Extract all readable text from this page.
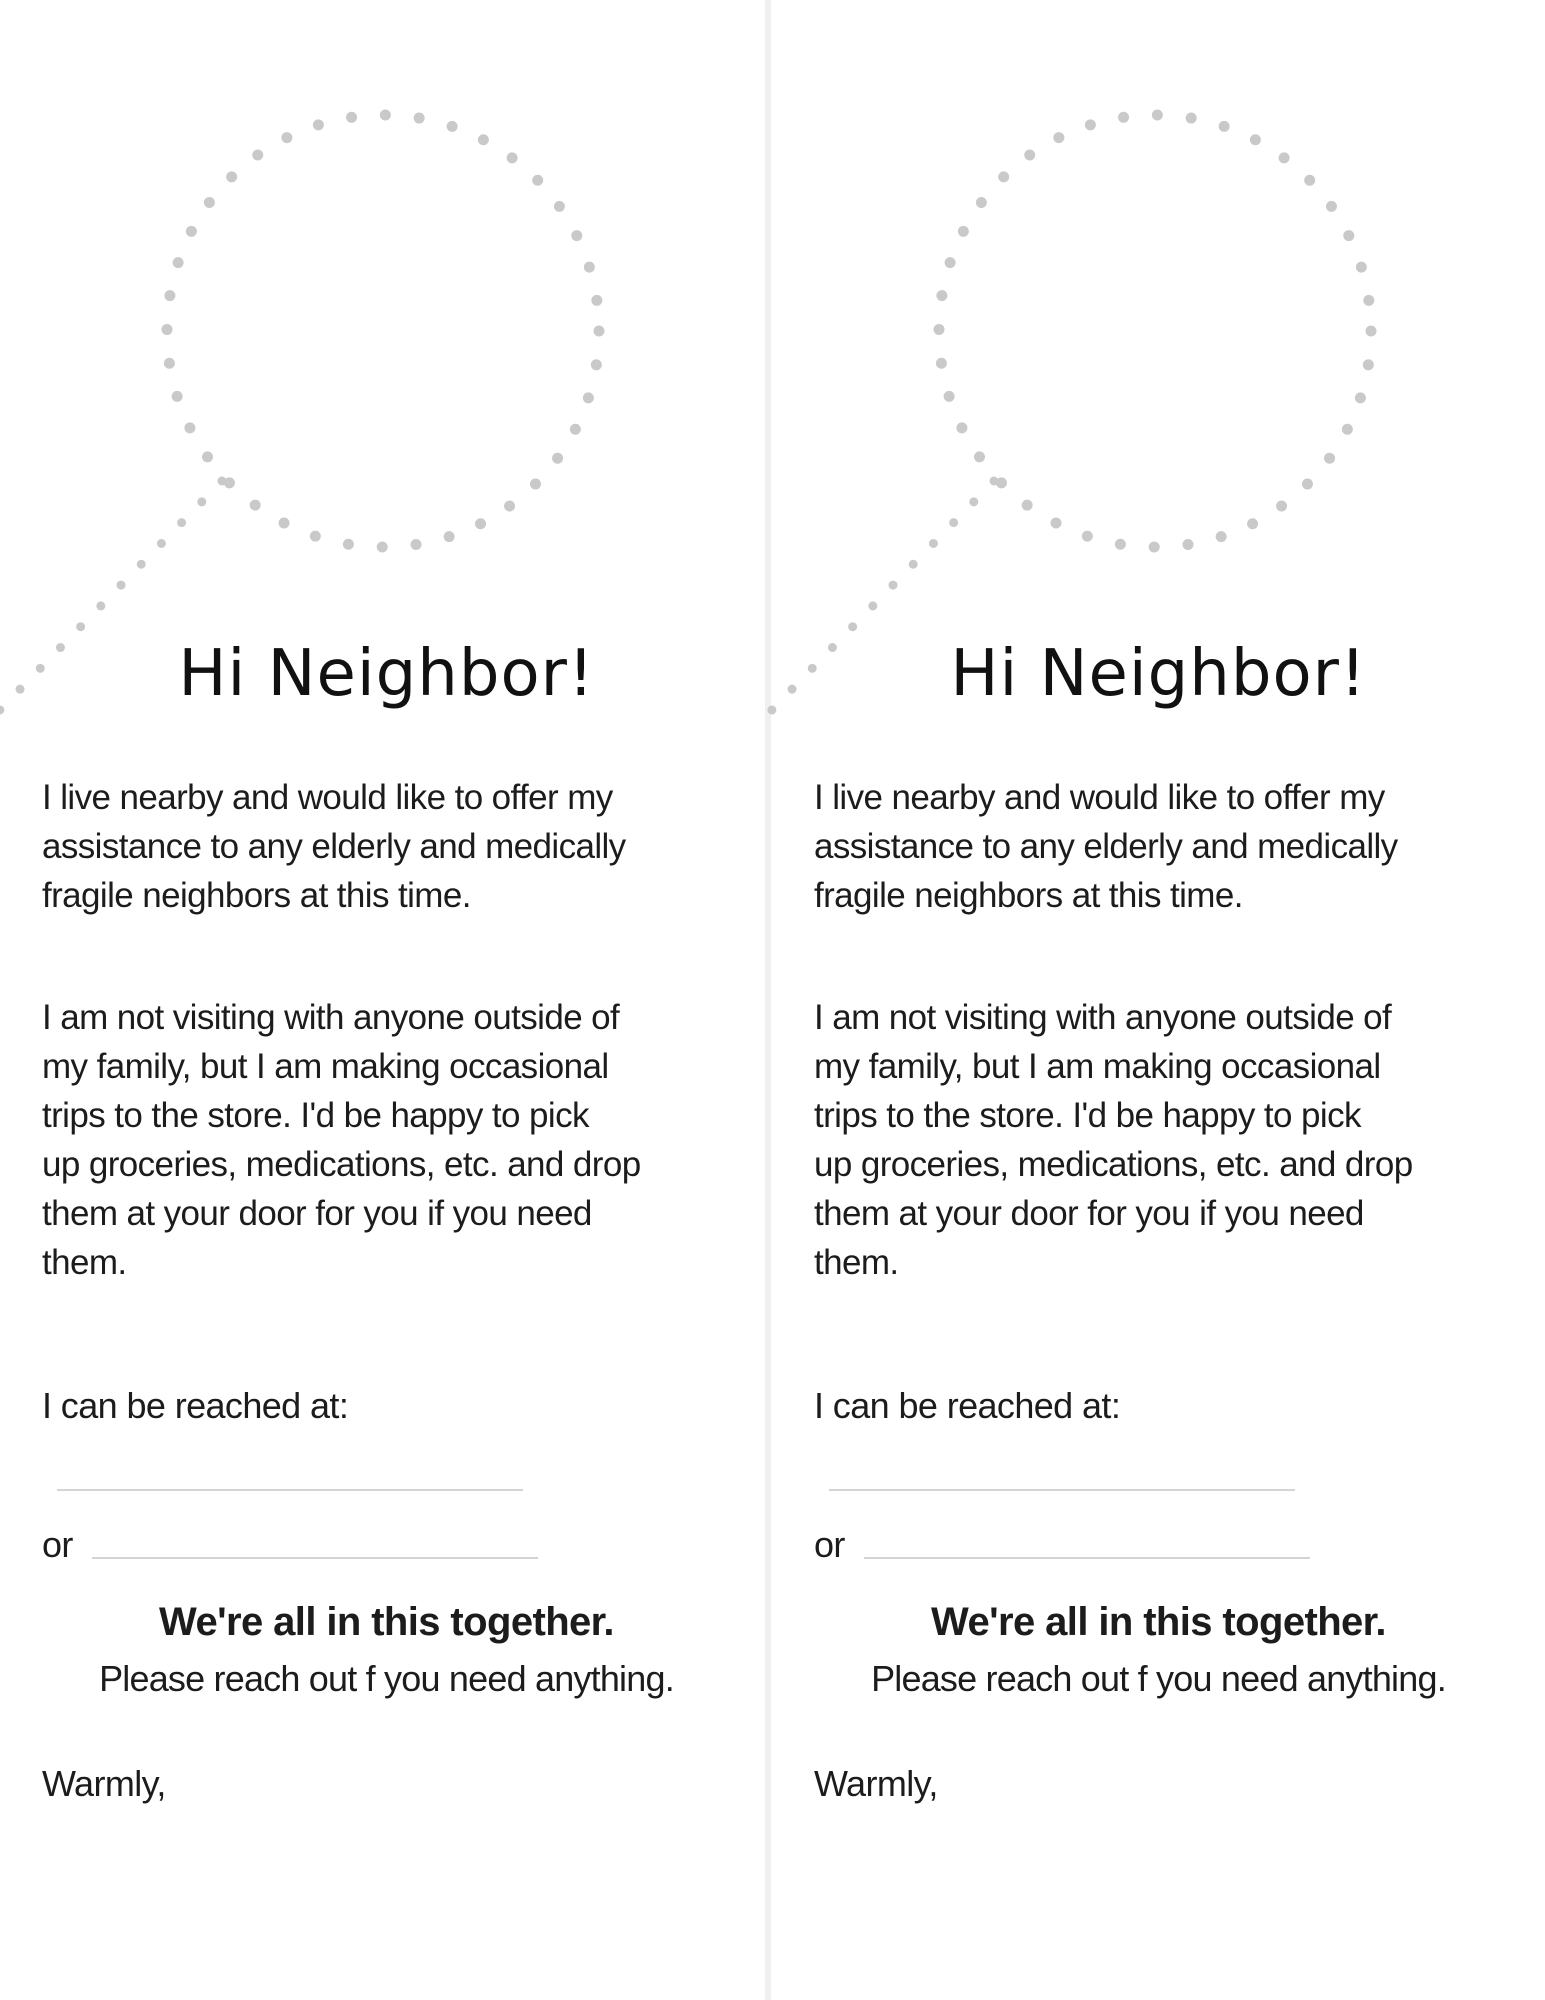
Hi Neighbor!

I live nearby and would like to offer my
assistance to any elderly and medically
fragile neighbors at this time.

I am not visiting with anyone outside of
my family, but I am making occasional
trips to the store. I'd be happy to pick
up groceries, medications, etc. and drop
them at your door for you if you need
them.

I can be reached at:
or
We're all in this together.
Please reach out f you need anything.
Warmly,
Hi Neighbor!

I live nearby and would like to offer my
assistance to any elderly and medically
fragile neighbors at this time.

I am not visiting with anyone outside of
my family, but I am making occasional
trips to the store. I'd be happy to pick
up groceries, medications, etc. and drop
them at your door for you if you need
them.

I can be reached at:
or
We're all in this together.
Please reach out f you need anything.
Warmly,
